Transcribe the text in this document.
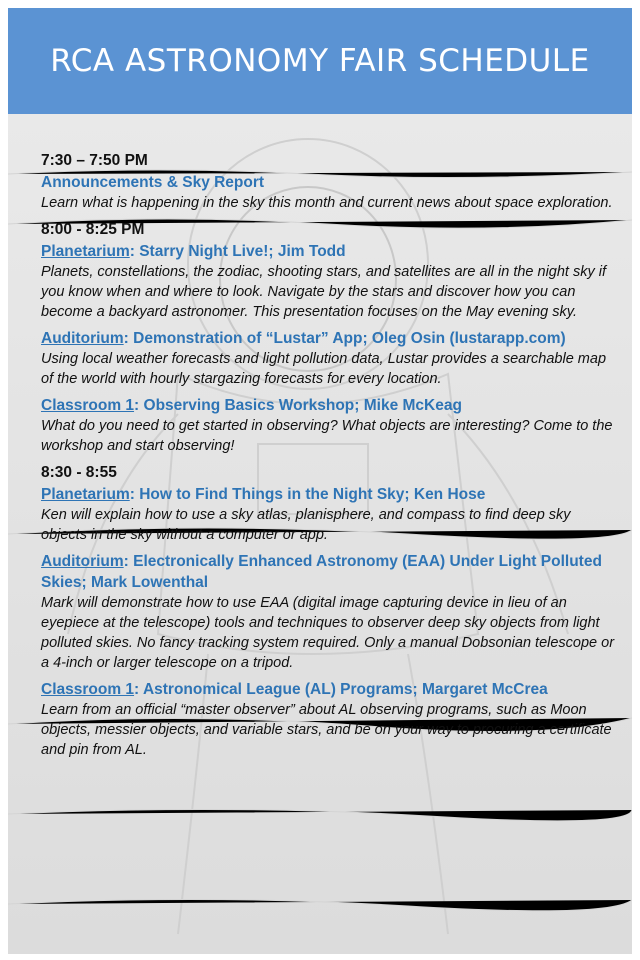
RCA ASTRONOMY FAIR SCHEDULE
7:30 – 7:50 PM
Announcements & Sky Report
Learn what is happening in the sky this month and current news about space exploration.
8:00 - 8:25 PM
Planetarium: Starry Night Live!; Jim Todd
Planets, constellations, the zodiac, shooting stars, and satellites are all in the night sky if you know when and where to look. Navigate by the stars and discover how you can become a backyard astronomer. This presentation focuses on the May evening sky.
Auditorium: Demonstration of “Lustar” App; Oleg Osin (lustarapp.com)
Using local weather forecasts and light pollution data, Lustar provides a searchable map of the world with hourly stargazing forecasts for every location.
Classroom 1: Observing Basics Workshop; Mike McKeag
What do you need to get started in observing? What objects are interesting? Come to the workshop and start observing!
8:30 - 8:55
Planetarium: How to Find Things in the Night Sky; Ken Hose
Ken will explain how to use a sky atlas, planisphere, and compass to find deep sky objects in the sky without a computer or app.
Auditorium: Electronically Enhanced Astronomy (EAA) Under Light Polluted Skies; Mark Lowenthal
Mark will demonstrate how to use EAA (digital image capturing device in lieu of an eyepiece at the telescope) tools and techniques to observer deep sky objects from light polluted skies. No fancy tracking system required. Only a manual Dobsonian telescope or a 4-inch or larger telescope on a tripod.
Classroom 1: Astronomical League (AL) Programs; Margaret McCrea
Learn from an official “master observer” about AL observing programs, such as Moon objects, messier objects, and variable stars, and be on your way to procuring a certificate and pin from AL.
